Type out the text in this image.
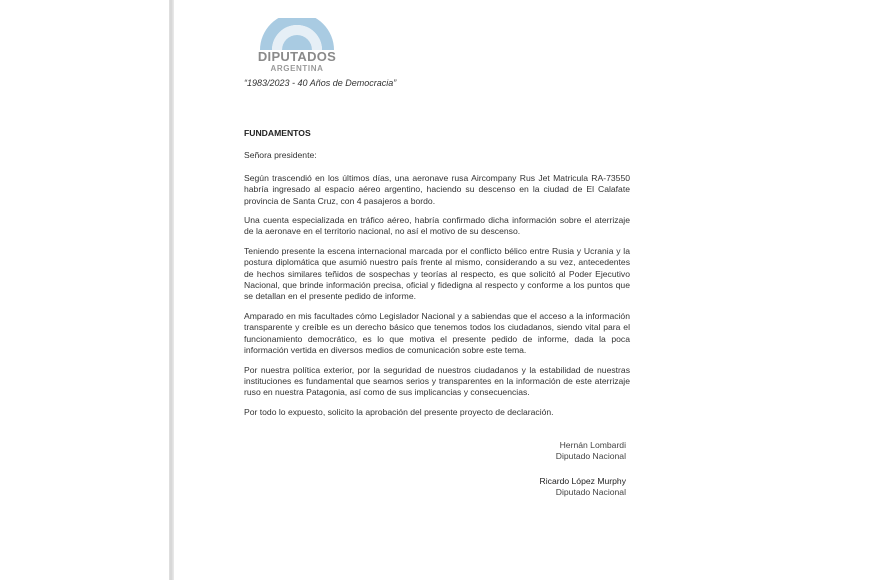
DIPUTADOS
ARGENTINA
“1983/2023 - 40 Años de Democracia”
FUNDAMENTOS
Señora presidente:

Según trascendió en los últimos días, una aeronave rusa Aircompany Rus Jet Matricula RA-73550 habría ingresado al espacio aéreo argentino, haciendo su descenso en la ciudad de El Calafate provincia de Santa Cruz, con 4 pasajeros a bordo.

Una cuenta especializada en tráfico aéreo, habría confirmado dicha información sobre el aterrizaje de la aeronave en el territorio nacional, no así el motivo de su descenso.

Teniendo presente la escena internacional marcada por el conflicto bélico entre Rusia y Ucrania y la postura diplomática que asumió nuestro país frente al mismo, considerando a su vez, antecedentes de hechos similares teñidos de sospechas y teorías al respecto, es que solicitó al Poder Ejecutivo Nacional, que brinde información precisa, oficial y fidedigna al respecto y conforme a los puntos que se detallan en el presente pedido de informe.

Amparado en mis facultades cómo Legislador Nacional y a sabiendas que el acceso a la información transparente y creíble es un derecho básico que tenemos todos los ciudadanos, siendo vital para el funcionamiento democrático, es lo que motiva el presente pedido de informe, dada la poca información vertida en diversos medios de comunicación sobre este tema.

Por nuestra política exterior, por la seguridad de nuestros ciudadanos y la estabilidad de nuestras instituciones es fundamental que seamos serios y transparentes en la información de este aterrizaje ruso en nuestra Patagonia, así como de sus implicancias y consecuencias.

Por todo lo expuesto, solicito la aprobación del presente proyecto de declaración.

Hernán Lombardi
Diputado Nacional
Ricardo López Murphy
Diputado Nacional
